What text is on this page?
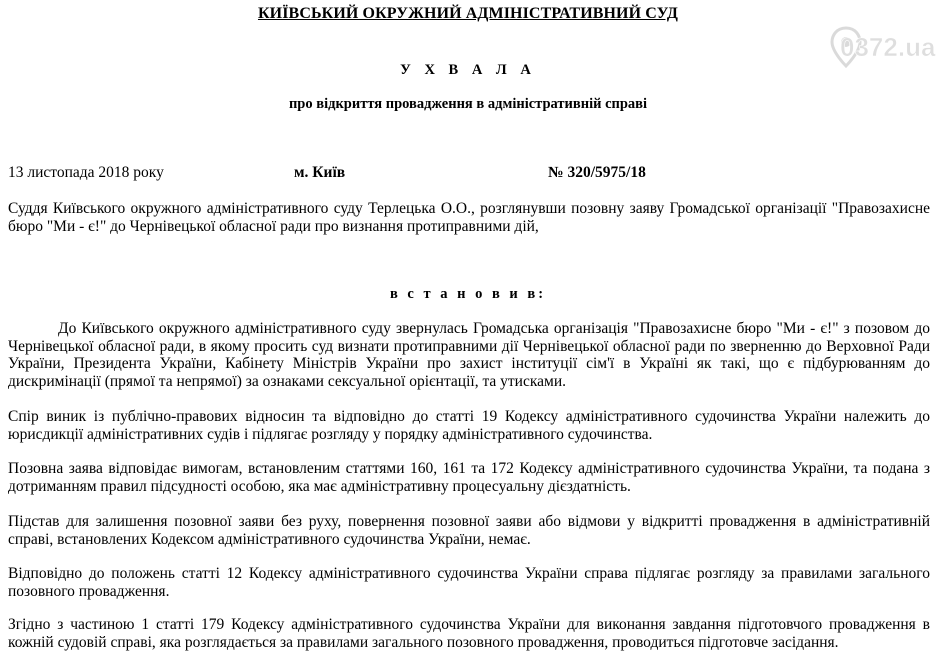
КИЇВСЬКИЙ ОКРУЖНИЙ АДМІНІСТРАТИВНИЙ СУД
У Х В А Л А
про відкриття провадження в адміністративній справі
13 листопада 2018 року	м. Київ	№ 320/5975/18

Суддя Київського окружного адміністративного суду Терлецька О.О., розглянувши позовну заяву Громадської організації "Правозахисне бюро "Ми - є!" до Чернівецької обласної ради про визнання протиправними дій,

в с т а н о в и в:

До Київського окружного адміністративного суду звернулась Громадська організація "Правозахисне бюро "Ми - є!" з позовом до Чернівецької обласної ради, в якому просить суд визнати протиправними дії Чернівецької обласної ради по зверненню до Верховної Ради України, Президента України, Кабінету Міністрів України про захист інституції сім'ї в Україні як такі, що є підбурюванням до дискримінації (прямої та непрямої) за ознаками сексуальної орієнтації, та утисками.

Спір виник із публічно-правових відносин та відповідно до статті 19 Кодексу адміністративного судочинства України належить до юрисдикції адміністративних судів і підлягає розгляду у порядку адміністративного судочинства.

Позовна заява відповідає вимогам, встановленим статтями 160, 161 та 172 Кодексу адміністративного судочинства України, та подана з дотриманням правил підсудності особою, яка має адміністративну процесуальну дієздатність.

Підстав для залишення позовної заяви без руху, повернення позовної заяви або відмови у відкритті провадження в адміністративній справі, встановлених Кодексом адміністративного судочинства України, немає.

Відповідно до положень статті 12 Кодексу адміністративного судочинства України справа підлягає розгляду за правилами загального позовного провадження.

Згідно з частиною 1 статті 179 Кодексу адміністративного судочинства України для виконання завдання підготовчого провадження в кожній судовій справі, яка розглядається за правилами загального позовного провадження, проводиться підготовче засідання.

0372.ua
